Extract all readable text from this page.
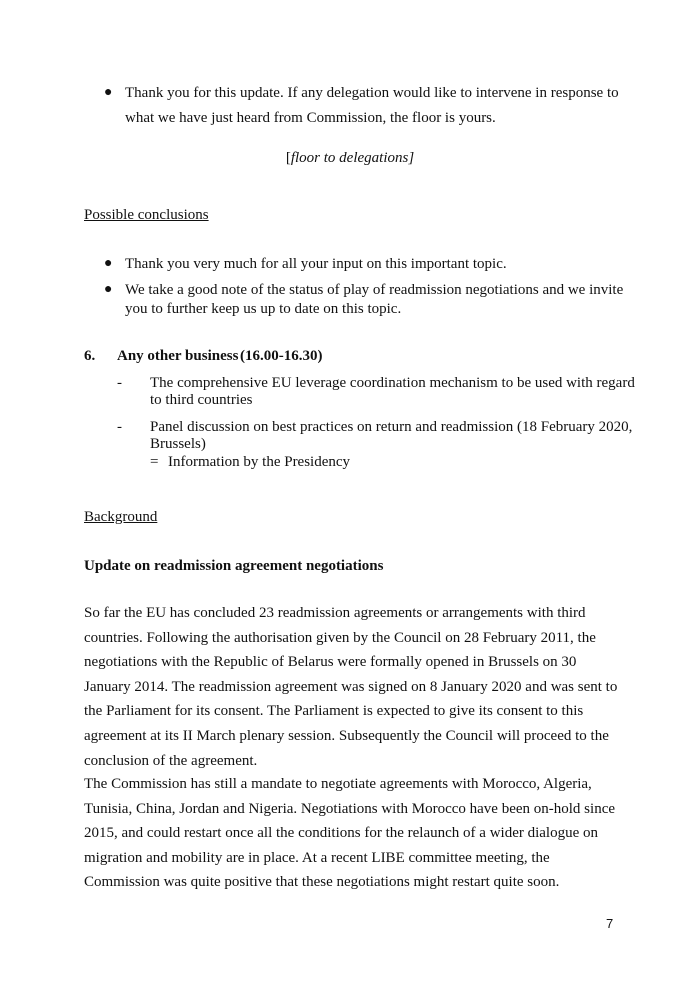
● Thank you for this update. If any delegation would like to intervene in response to
what we have just heard from Commission, the floor is yours.
[floor to delegations]
Possible conclusions
● Thank you very much for all your input on this important topic.
● We take a good note of the status of play of readmission negotiations and we invite
you to further keep us up to date on this topic.
6. Any other business (16.00-16.30)
- The comprehensive EU leverage coordination mechanism to be used with regard
to third countries
- Panel discussion on best practices on return and readmission (18 February 2020,
Brussels)
= Information by the Presidency
Background
Update on readmission agreement negotiations
So far the EU has concluded 23 readmission agreements or arrangements with third countries. Following the authorisation given by the Council on 28 February 2011, the negotiations with the Republic of Belarus were formally opened in Brussels on 30 January 2014. The readmission agreement was signed on 8 January 2020 and was sent to the Parliament for its consent. The Parliament is expected to give its consent to this agreement at its II March plenary session. Subsequently the Council will proceed to the conclusion of the agreement.
The Commission has still a mandate to negotiate agreements with Morocco, Algeria, Tunisia, China, Jordan and Nigeria. Negotiations with Morocco have been on-hold since 2015, and could restart once all the conditions for the relaunch of a wider dialogue on migration and mobility are in place. At a recent LIBE committee meeting, the Commission was quite positive that these negotiations might restart quite soon.
7
